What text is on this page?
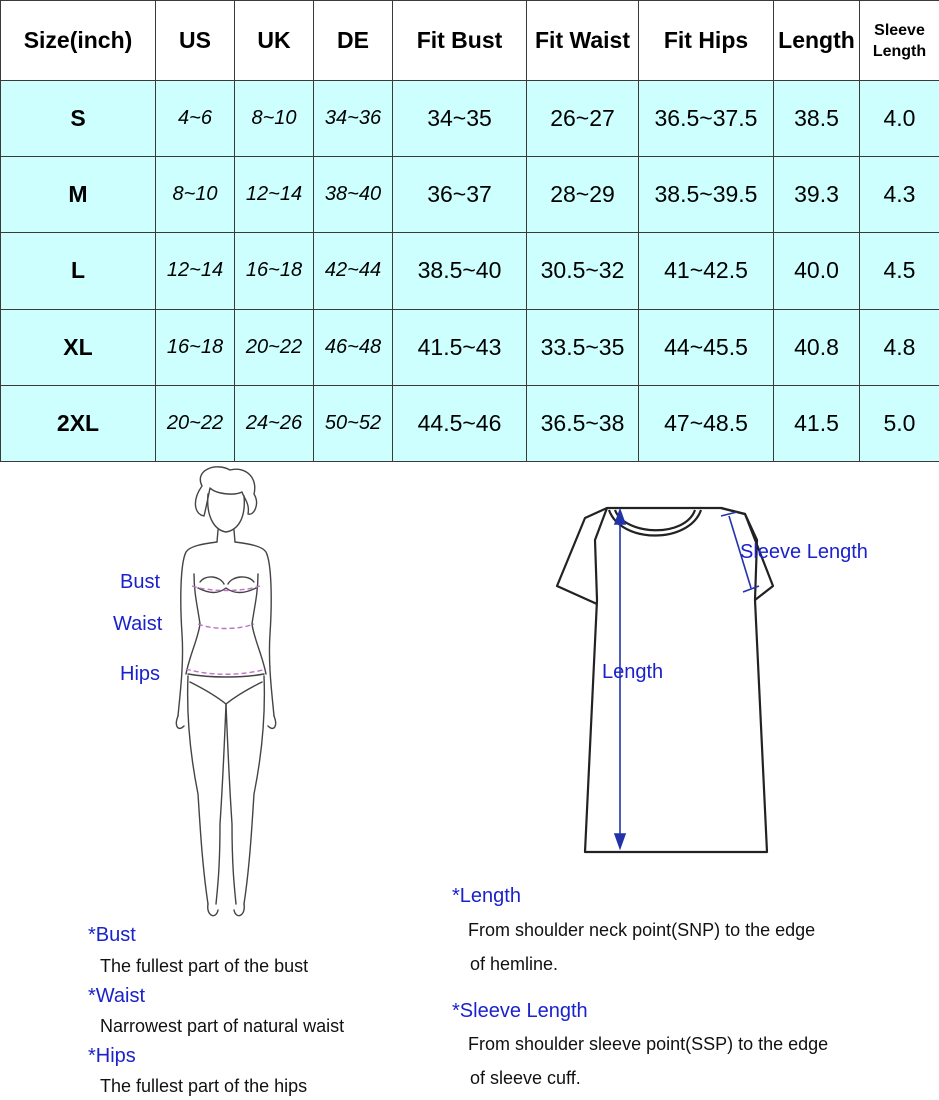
Size(inch)	US	UK	DE	Fit Bust	Fit Waist	Fit Hips	Length	Sleeve
Length
S	4~6	8~10	34~36	34~35	26~27	36.5~37.5	38.5	4.0
M	8~10	12~14	38~40	36~37	28~29	38.5~39.5	39.3	4.3
L	12~14	16~18	42~44	38.5~40	30.5~32	41~42.5	40.0	4.5
XL	16~18	20~22	46~48	41.5~43	33.5~35	44~45.5	40.8	4.8
2XL	20~22	24~26	50~52	44.5~46	36.5~38	47~48.5	41.5	5.0
Bust
Waist
Hips
Sleeve Length
Length
*Bust
The fullest part of the bust
*Waist
Narrowest part of natural waist
*Hips
The fullest part of the hips
*Length
From shoulder neck point(SNP) to the edge
of hemline.
*Sleeve Length
From shoulder sleeve point(SSP) to the edge
of sleeve cuff.
